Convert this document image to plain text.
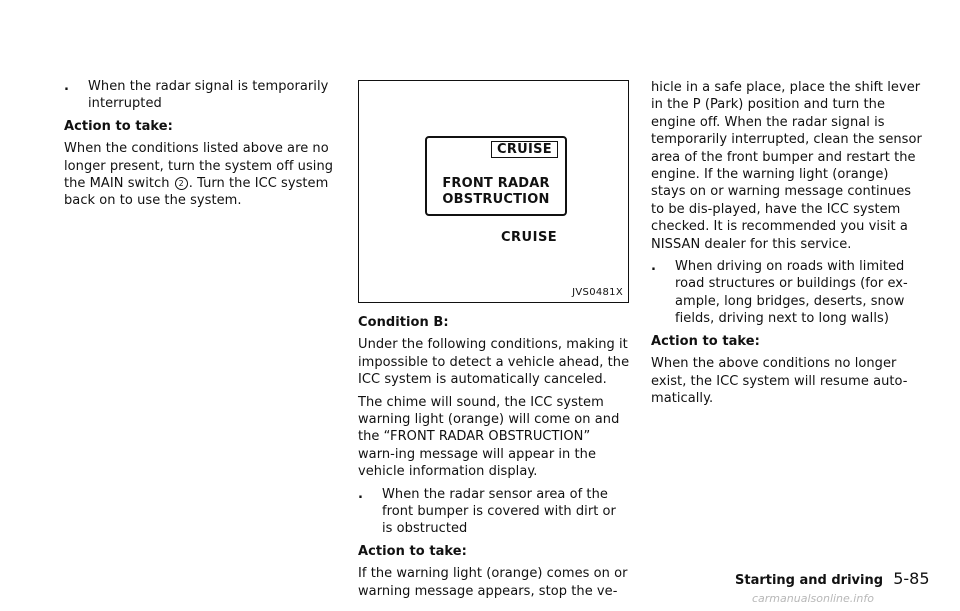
. When the radar signal is temporarily interrupted

Action to take:

When the conditions listed above are no longer present, turn the system off using the MAIN switch 2 . Turn the ICC system back on to use the system.

CRUISE
FRONT RADAR
OBSTRUCTION
CRUISE
JVS0481X

Condition B:

Under the following conditions, making it impossible to detect a vehicle ahead, the ICC system is automatically canceled.

The chime will sound, the ICC system warning light (orange) will come on and the “FRONT RADAR OBSTRUCTION” warn-ing message will appear in the vehicle information display.

. When the radar sensor area of the front bumper is covered with dirt or is obstructed

Action to take:

If the warning light (orange) comes on or warning message appears, stop the ve-

hicle in a safe place, place the shift lever in the P (Park) position and turn the engine off. When the radar signal is temporarily interrupted, clean the sensor area of the front bumper and restart the engine. If the warning light (orange) stays on or warning message continues to be dis-played, have the ICC system checked. It is recommended you visit a NISSAN dealer for this service.

. When driving on roads with limited road structures or buildings (for ex-ample, long bridges, deserts, snow fields, driving next to long walls)

Action to take:

When the above conditions no longer exist, the ICC system will resume auto-matically.

Starting and driving 5-85
carmanualsonline.info
